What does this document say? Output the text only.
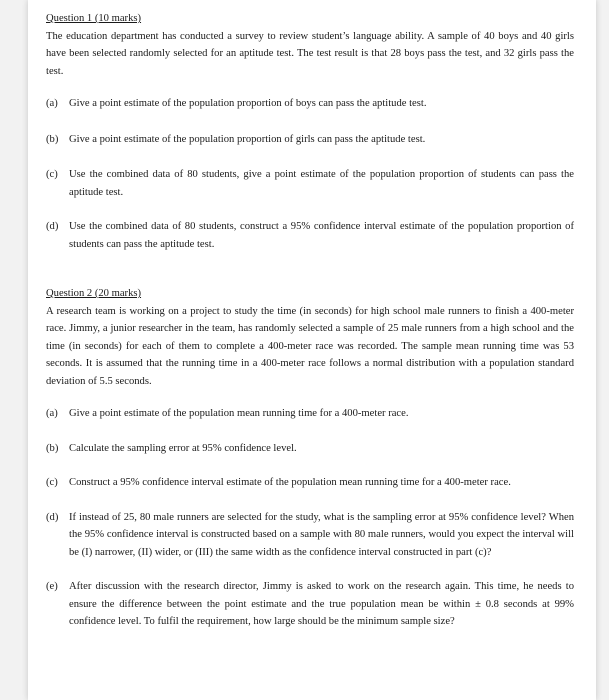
Question 1 (10 marks)

The education department has conducted a survey to review student’s language ability. A sample of 40 boys and 40 girls have been selected randomly selected for an aptitude test. The test result is that 28 boys pass the test, and 32 girls pass the test.

(a)	Give a point estimate of the population proportion of boys can pass the aptitude test.
(b)	Give a point estimate of the population proportion of girls can pass the aptitude test.
(c)	Use the combined data of 80 students, give a point estimate of the population proportion of students can pass the aptitude test.
(d)	Use the combined data of 80 students, construct a 95% confidence interval estimate of the population proportion of students can pass the aptitude test.

Question 2 (20 marks)

A research team is working on a project to study the time (in seconds) for high school male runners to finish a 400-meter race. Jimmy, a junior researcher in the team, has randomly selected a sample of 25 male runners from a high school and the time (in seconds) for each of them to complete a 400-meter race was recorded. The sample mean running time was 53 seconds. It is assumed that the running time in a 400-meter race follows a normal distribution with a population standard deviation of 5.5 seconds.

(a)	Give a point estimate of the population mean running time for a 400-meter race.
(b)	Calculate the sampling error at 95% confidence level.
(c)	Construct a 95% confidence interval estimate of the population mean running time for a 400-meter race.
(d)	If instead of 25, 80 male runners are selected for the study, what is the sampling error at 95% confidence level? When the 95% confidence interval is constructed based on a sample with 80 male runners, would you expect the interval will be (I) narrower, (II) wider, or (III) the same width as the confidence interval constructed in part (c)?
(e)	After discussion with the research director, Jimmy is asked to work on the research again. This time, he needs to ensure the difference between the point estimate and the true population mean be within ± 0.8 seconds at 99% confidence level. To fulfil the requirement, how large should be the minimum sample size?
